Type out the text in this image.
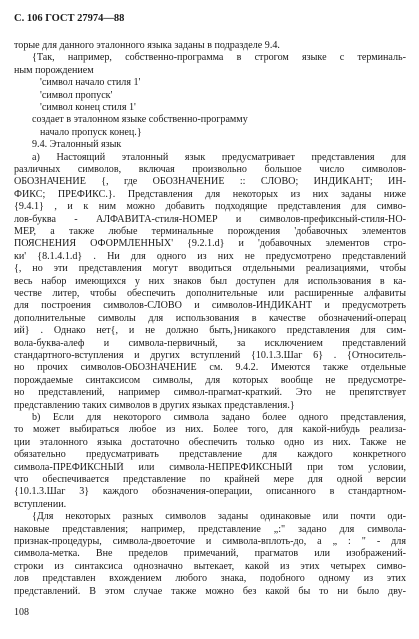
С. 106 ГОСТ 27974—88
торые для данного эталонного языка заданы в подразделе 9.4.
{Так, например, собственно-программа в строгом языке с терминаль-
ным порождением
'символ начало стиля 1'
'символ пропуск'
'символ конец стиля 1'
создает в эталонном языке собственно-программу
начало пропуск конец.}
9.4. Эталонный язык
а) Настоящий эталонный язык предусматривает представления для
различных символов, включая произвольно большое число символов-
ОБОЗНАЧЕНИЕ {, где ОБОЗНАЧЕНИЕ :: СЛОВО; ИНДИКАНТ; ИН-
ФИКС; ПРЕФИКС.}. Представления для некоторых из них заданы ниже
{9.4.1} , и к ним можно добавить подходящие представления для симво-
лов-буква - АЛФАВИТА-стиля-НОМЕР и символов-префиксный-стиля-НО-
МЕР, а также любые терминальные порождения 'добавочных элементов
ПОЯСНЕНИЯ ОФОРМЛЕННЫХ' {9.2.1.d} и 'добавочных элементов стро-
ки' {8.1.4.1.d} . Ни для одного из них не предусмотрено представлений
{, но эти представления могут вводиться отдельными реализациями, чтобы
весь набор имеющихся у них знаков был доступен для использования в ка-
честве литер, чтобы обеспечить дополнительные или расширенные алфавиты
для построения символов-СЛОВО и символов-ИНДИКАНТ и предусмотреть
дополнительные символы для использования в качестве обозначений-операц
ий} . Однако нет{, и не должно быть,}никакого представления для сим-
вола-буква-алеф и символа-первичный, за исключением представлений
стандартного-вступления и других вступлений {10.1.3.Шаг 6} . {Относитель-
но прочих символов-ОБОЗНАЧЕНИЕ см. 9.4.2. Имеются также отдельные
порождаемые синтаксисом символы, для которых вообще не предусмотре-
но представлений, например символ-прагмат-краткий. Это не препятствует
представлению таких символов в других языках представления.}
b) Если для некоторого символа задано более одного представления,
то может выбираться любое из них. Более того, для какой-нибудь реализа-
ции эталонного языка достаточно обеспечить только одно из них. Также не
обязательно предусматривать представление для каждого конкретного
символа-ПРЕФИКСНЫЙ или символа-НЕПРЕФИКСНЫЙ при том условии,
что обеспечивается представление по крайней мере для одной версии
{10.1.3.Шаг 3} каждого обозначения-операции, описанного в стандартном-
вступлении.
{Для некоторых разных символов заданы одинаковые или почти оди-
наковые представления; например, представление „:" задано для символа-
признак-процедуры, символа-двоеточие и символа-вплоть-до, а „ : " - для
символа-метка. Вне пределов примечаний, прагматов или изображений-
строки из синтаксиса однозначно вытекает, какой из этих четырех симво-
лов представлен вхождением любого знака, подобного одному из этих
представлений. В этом случае также можно без какой бы то ни было дву-
108
